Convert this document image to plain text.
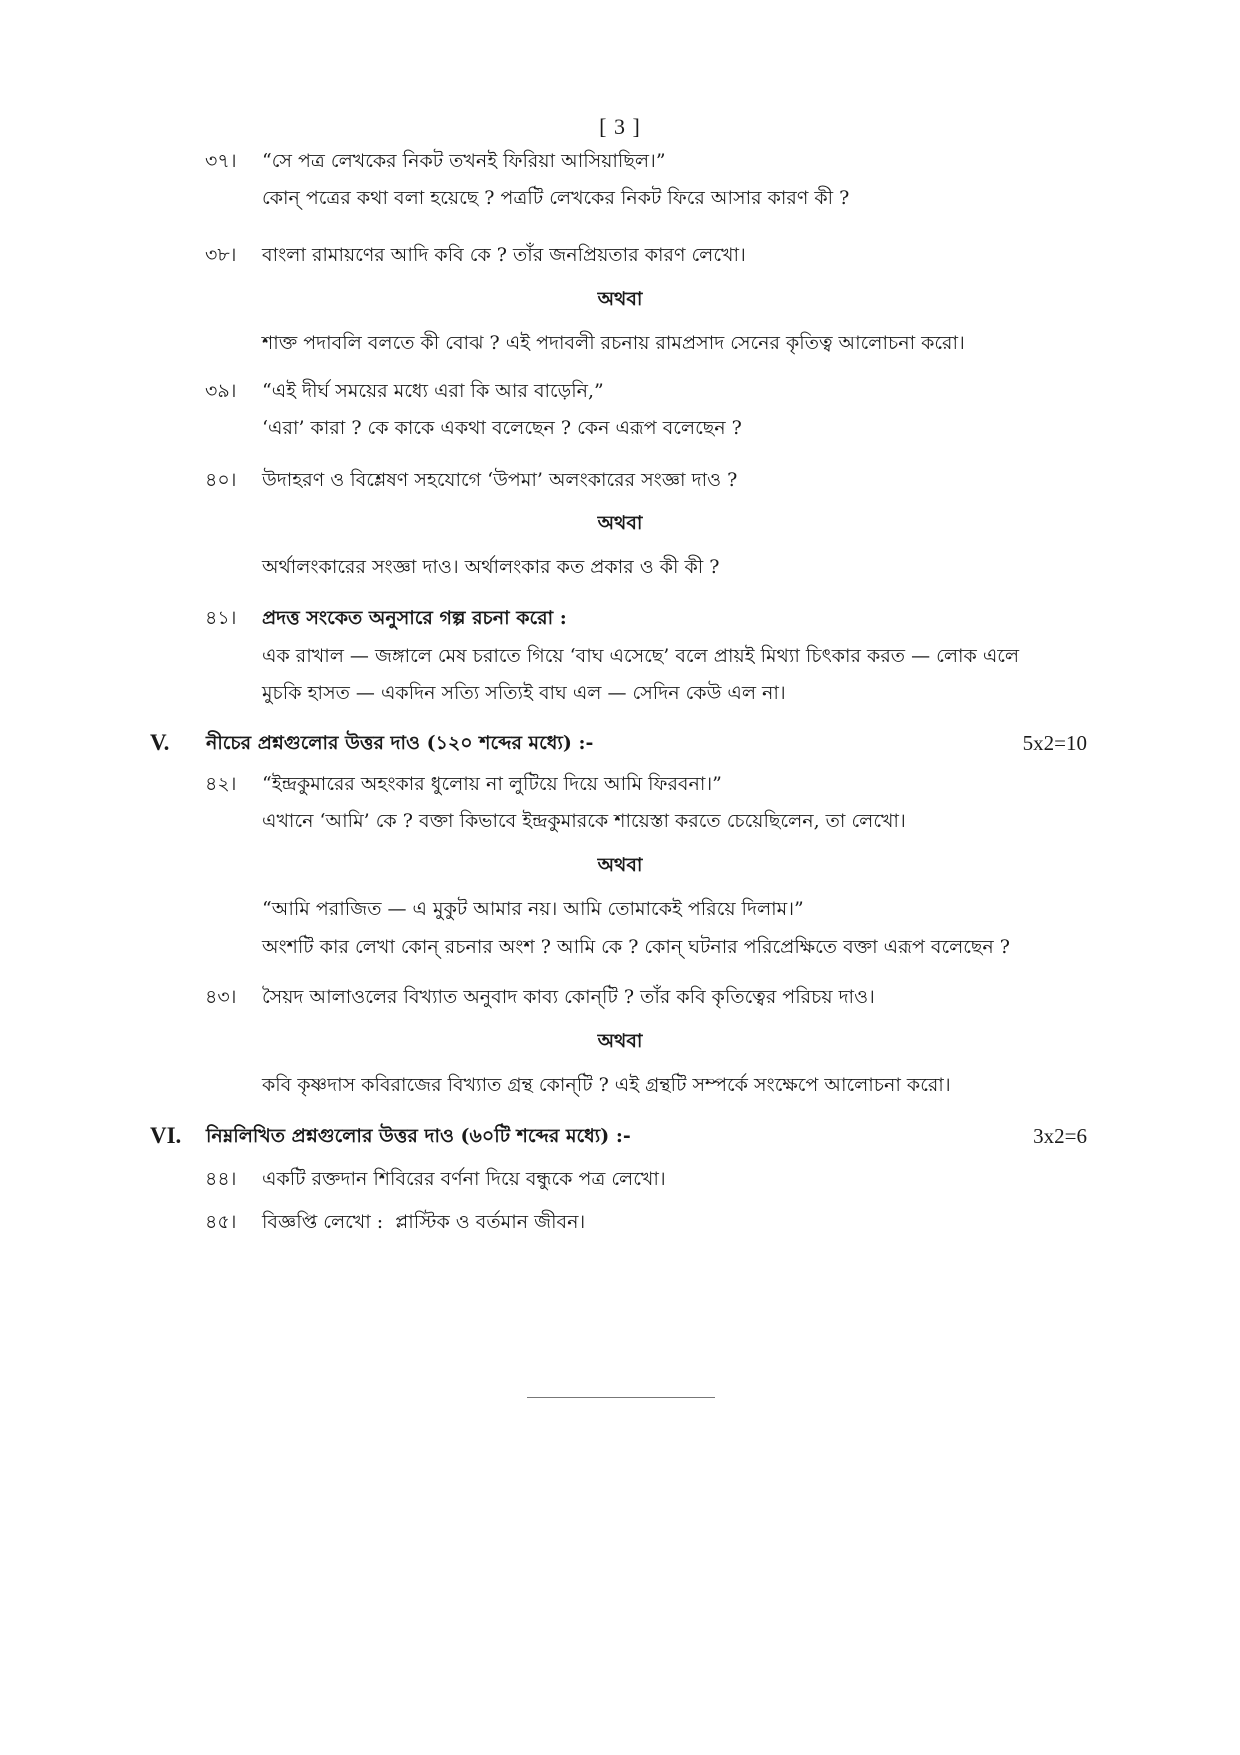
[ 3 ]
৩৭। “সে পত্র লেখকের নিকট তখনই ফিরিয়া আসিয়াছিল।”
কোন্ পত্রের কথা বলা হয়েছে ? পত্রটি লেখকের নিকট ফিরে আসার কারণ কী ?
৩৮। বাংলা রামায়ণের আদি কবি কে ? তাঁর জনপ্রিয়তার কারণ লেখো।
অথবা
শাক্ত পদাবলি বলতে কী বোঝ ? এই পদাবলী রচনায় রামপ্রসাদ সেনের কৃতিত্ব আলোচনা করো।
৩৯। “এই দীর্ঘ সময়ের মধ্যে এরা কি আর বাড়েনি,”
‘এরা’ কারা ? কে কাকে একথা বলেছেন ? কেন এরূপ বলেছেন ?
৪০। উদাহরণ ও বিশ্লেষণ সহযোগে ‘উপমা’ অলংকারের সংজ্ঞা দাও ?
অথবা
অর্থালংকারের সংজ্ঞা দাও। অর্থালংকার কত প্রকার ও কী কী ?
৪১। প্রদত্ত সংকেত অনুসারে গল্প রচনা করো :
এক রাখাল — জঙ্গালে মেষ চরাতে গিয়ে ‘বাঘ এসেছে’ বলে প্রায়ই মিথ্যা চিৎকার করত — লোক এলে
মুচকি হাসত — একদিন সত্যি সত্যিই বাঘ এল — সেদিন কেউ এল না।
V. নীচের প্রশ্নগুলোর উত্তর দাও (১২০ শব্দের মধ্যে) :-	5x2=10
৪২। “ইন্দ্রকুমারের অহংকার ধুলোয় না লুটিয়ে দিয়ে আমি ফিরবনা।”
এখানে ‘আমি’ কে ? বক্তা কিভাবে ইন্দ্রকুমারকে শায়েস্তা করতে চেয়েছিলেন, তা লেখো।
অথবা
“আমি পরাজিত — এ মুকুট আমার নয়। আমি তোমাকেই পরিয়ে দিলাম।”
অংশটি কার লেখা কোন্ রচনার অংশ ? আমি কে ? কোন্ ঘটনার পরিপ্রেক্ষিতে বক্তা এরূপ বলেছেন ?
৪৩। সৈয়দ আলাওলের বিখ্যাত অনুবাদ কাব্য কোন্‌টি ? তাঁর কবি কৃতিত্বের পরিচয় দাও।
অথবা
কবি কৃষ্ণদাস কবিরাজের বিখ্যাত গ্রন্থ কোন্‌টি ? এই গ্রন্থটি সম্পর্কে সংক্ষেপে আলোচনা করো।
VI. নিম্নলিখিত প্রশ্নগুলোর উত্তর দাও (৬০টি শব্দের মধ্যে) :-	3x2=6
৪৪। একটি রক্তদান শিবিরের বর্ণনা দিয়ে বন্ধুকে পত্র লেখো।
৪৫। বিজ্ঞপ্তি লেখো :  প্লাস্টিক ও বর্তমান জীবন।
